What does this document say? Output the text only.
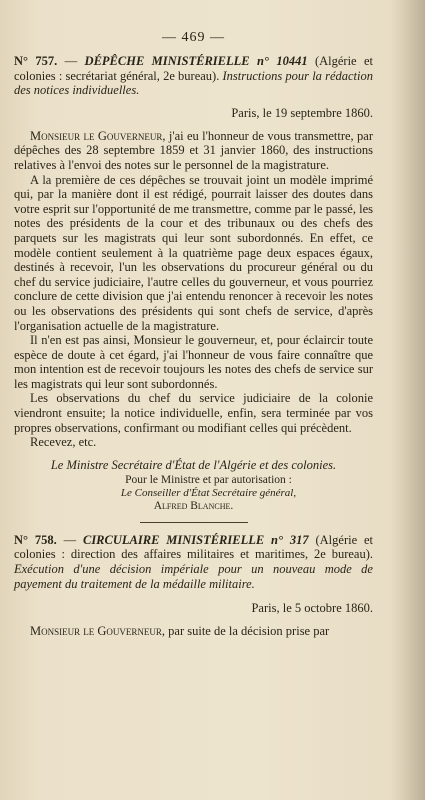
— 469 —

N° 757. — DÉPÊCHE MINISTÉRIELLE n° 10441 (Algérie et colonies : secrétariat général, 2e bureau). Instructions pour la rédaction des notices individuelles.

Paris, le 19 septembre 1860.

Monsieur le Gouverneur, j'ai eu l'honneur de vous transmettre, par dépêches des 28 septembre 1859 et 31 janvier 1860, des instructions relatives à l'envoi des notes sur le personnel de la magistrature.

A la première de ces dépêches se trouvait joint un modèle imprimé qui, par la manière dont il est rédigé, pourrait laisser des doutes dans votre esprit sur l'opportunité de me transmettre, comme par le passé, les notes des présidents de la cour et des tribunaux ou des chefs des parquets sur les magistrats qui leur sont subordonnés. En effet, ce modèle contient seulement à la quatrième page deux espaces égaux, destinés à recevoir, l'un les observations du procureur général ou du chef du service judiciaire, l'autre celles du gouverneur, et vous pourriez conclure de cette division que j'ai entendu renoncer à recevoir les notes ou les observations des présidents qui sont chefs de service, d'après l'organisation actuelle de la magistrature.

Il n'en est pas ainsi, Monsieur le gouverneur, et, pour éclaircir toute espèce de doute à cet égard, j'ai l'honneur de vous faire connaître que mon intention est de recevoir toujours les notes des chefs de service sur les magistrats qui leur sont subordonnés.

Les observations du chef du service judiciaire de la colonie viendront ensuite; la notice individuelle, enfin, sera terminée par vos propres observations, confirmant ou modifiant celles qui précèdent.

Recevez, etc.

Le Ministre Secrétaire d'État de l'Algérie et des colonies.
Pour le Ministre et par autorisation :
Le Conseiller d'État Secrétaire général,
Alfred Blanche.

N° 758. — CIRCULAIRE MINISTÉRIELLE n° 317 (Algérie et colonies : direction des affaires militaires et maritimes, 2e bureau). Exécution d'une décision impériale pour un nouveau mode de payement du traitement de la médaille militaire.

Paris, le 5 octobre 1860.

Monsieur le Gouverneur, par suite de la décision prise par
